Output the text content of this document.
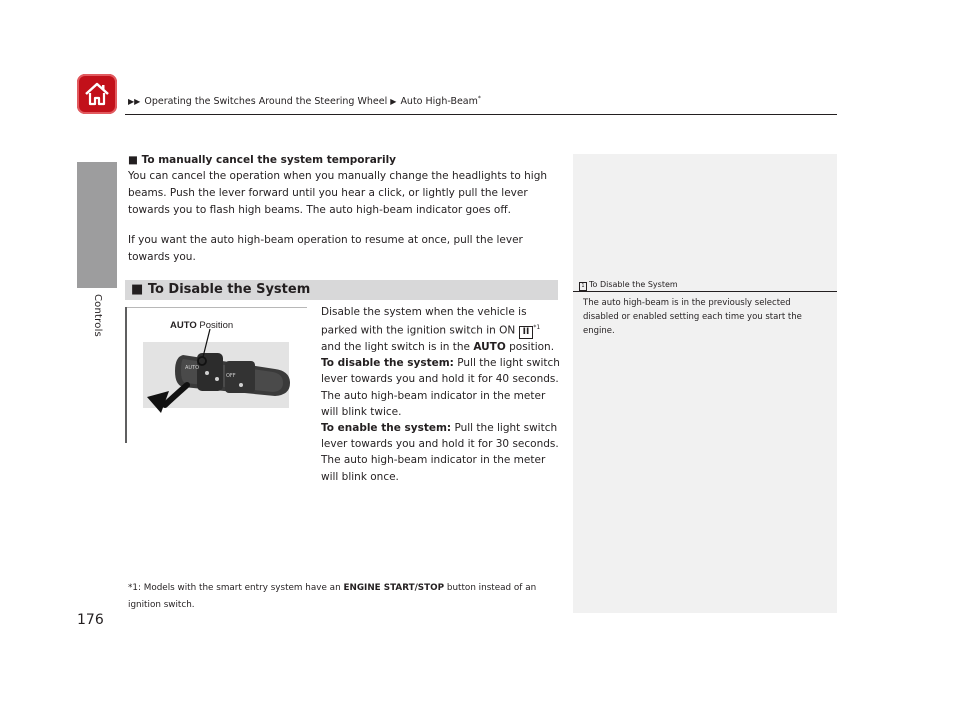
▶▶ Operating the Switches Around the Steering Wheel ▶ Auto High-Beam*
Controls
1 To Disable the System
The auto high-beam is in the previously selected disabled or enabled setting each time you start the engine.
■ To manually cancel the system temporarily
You can cancel the operation when you manually change the headlights to high beams. Push the lever forward until you hear a click, or lightly pull the lever towards you to flash high beams. The auto high-beam indicator goes off.
If you want the auto high-beam operation to resume at once, pull the lever towards you.
■ To Disable the System
AUTO
OFF
AUTO Position

Disable the system when the vehicle is parked with the ignition switch in ON II $^{*1}$ and the light switch is in the AUTO position.

To disable the system: Pull the light switch lever towards you and hold it for 40 seconds. The auto high-beam indicator in the meter will blink twice.

To enable the system: Pull the light switch lever towards you and hold it for 30 seconds. The auto high-beam indicator in the meter will blink once.

*1: Models with the smart entry system have an ENGINE START/STOP button instead of an ignition switch.
176
